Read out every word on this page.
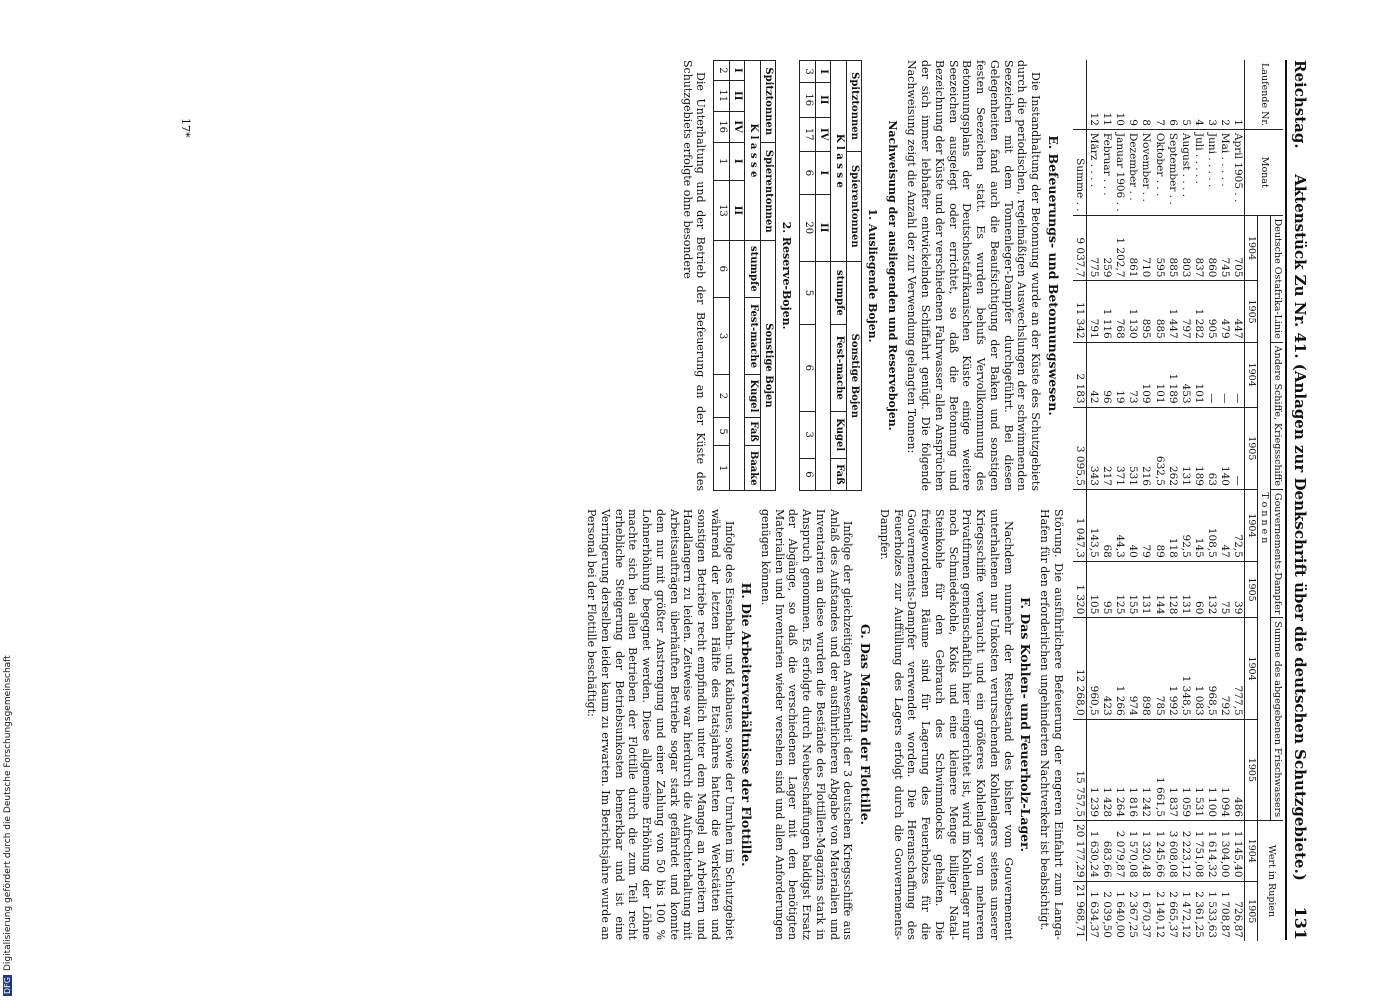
Reichstag.
Aktenstück Zu Nr. 41. (Anlagen zur Denkschrift über die deutschen Schutzgebiete.)
131
Laufende Nr.	Monat	Deutsche Ostafrika-Linie		Andere Schiffe, Kriegsschiffe		Gouvernements-Dampfer		Summe des abgegebenen Frischwassers		Wert in Rupien	
		T o n n e n									
		1904	1905	1904	1905	1904	1905	1904	1905	1904	1905
1	April 1905 . .	705	447	—	—	72,5	39	777,5	486	1 145,40	726,87
2	Mai . . . . .	745	479	—	140	47	75	792	1 094	1 304,00	1 708,87
3	Juni . . . . .	860	905	—	63	108,5	132	968,5	1 100	1 614,32	1 533,63
4	Juli . . . . .	837	1 282	101	189	145	60	1 083	1 531	1 751,08	2 361,25
5	August . . . .	803	797	453	131	92,5	131	1 348,5	1 059	2 223,12	1 472,12
6	September . .	885	1 447	1 189	262	118	128	1 992	1 837	3 608,08	2 665,37
7	Oktober . . .	595	885	101	632,5	89	144	785	1 661,5	1 245,66	2 140,12
8	November . .	710	895	109	216	79	131	898	1 242	1 320,48	1 670,37
9	Dezember . .	861	1 130	73	531	40	155	974	1 816	1 570,08	2 367,25
10	Januar 1906 . .	1 202,7	768	19	371	44,3	125	1 266	1 264	2 079,87	1 640,00
11	Februar . . .	259	1 116	96	217	68	95	423	1 428	683,66	2 039,50
12	März . . . .	775	791	42	343	143,5	105	960,5	1 239	1 630,24	1 634,37
	Summe . .	9 037,7	11 342	2 183	3 095,5	1 047,3	1 320	12 268,0	15 757,5	20 177,29	21 968,71
E. Befeuerungs- und Betonnungswesen.

Die Instandhaltung der Betonnung wurde an der Küste des Schutzgebiets durch die periodischen, regelmäßigen Auswechslungen der schwimmenden Seezeichen mit dem Tonnenleger-Dampfer durchgeführt. Bei diesen Gelegenheiten fand auch die Beaufsichtigung der Baken und sonstigen festen Seezeichen statt. Es wurden behufs Vervollkommnung des Betonnungsplans der Deutschostafrikanischen Küste einige weitere Seezeichen ausgelegt oder errichtet, so daß die Betonnung und Bezeichnung der Küste und der verschiedenen Fahrwasser allen Ansprüchen der sich immer lebhafter entwickelnden Schiffahrt genügt. Die folgende Nachweisung zeigt die Anzahl der zur Verwendung gelangten Tonnen:

Nachweisung der ausliegenden und Reservebojen.
1. Ausliegende Bojen.
Spitztonnen			Spierentonnen		Sonstige Bojen			
K l a s s e					stumpfe	Fest-mache	Kugel	Faß
I	II	IV	I	II				
3	16	17	6	20	5	6	3	6
2. Reserve-Bojen.
Spitztonnen			Spierentonnen		Sonstige Bojen				
K l a s s e					stumpfe	Fest-mache	Kugel	Faß	Baake
I	II	IV	I	II					
2	11	16	1	13	6	3	2	5	1

Die Unterhaltung und der Betrieb der Befeuerung an der Küste des Schutzgebiets erfolgte ohne besondere

Störung. Die ausführlichere Befeuerung der engeren Einfahrt zum Langa-Hafen für den erforderlichen ungehinderten Nachtverkehr ist beabsichtigt.

F. Das Kohlen- und Feuerholz-Lager.

Nachdem nunmehr der Restbestand des bisher vom Gouvernement unterhaltenen nur Unkosten verursachenden Kohlenlagers seitens unserer Kriegsschiffe verbraucht und ein größeres Kohlenlager von mehreren Privatfirmen gemeinschaftlich hier eingerichtet ist, wird im Kohlenlager nur noch Schmiedekohle, Koks und eine kleinere Menge billiger Natal-Steinkohle für den Gebrauch des Schwimmdocks gehalten. Die freigewordenen Räume sind für Lagerung des Feuerholzes für die Gouvernements-Dampfer verwendet worden. Die Heranschaffung des Feuerholzes zur Auffüllung des Lagers erfolgt durch die Gouvernements-Dampfer.

G. Das Magazin der Flottille.

Infolge der gleichzeitigen Anwesenheit der 3 deutschen Kriegsschiffe aus Anlaß des Aufstandes und der ausführlicheren Abgabe von Materialien und Inventarien an diese wurden die Bestände des Flottillen-Magazins stark in Anspruch genommen. Es erfolgte durch Neubeschaffungen baldigst Ersatz der Abgänge, so daß die verschiedenen Lager mit den benötigten Materialien und Inventarien wieder versehen sind und allen Anforderungen genügen können.

H. Die Arbeiterverhältnisse der Flottille.

Infolge des Eisenbahn- und Kaibaues, sowie der Unruhen im Schutzgebiet während der letzten Hälfte des Etatsjahres hatten die Werkstätten und sonstigen Betriebe recht empfindlich unter dem Mangel an Arbeitern und Handlangern zu leiden. Zeitweise war hierdurch die Aufrechterhaltung mit Arbeitsaufträgen überhäuften Betriebe sogar stark gefährdet und konnte dem nur mit größter Anstrengung und einer Zahlung von 50 bis 100 % Lohnerhöhung begegnet werden. Diese allgemeine Erhöhung der Löhne machte sich bei allen Betrieben der Flottille durch die zum Teil recht erhebliche Steigerung der Betriebsunkosten bemerkbar und ist eine Verringerung derselben leider kaum zu erwarten. Im Berichtsjahre wurde an Personal bei der Flottille beschäftigt:

17*
DFGDigitalisierung gefördert durch die Deutsche Forschungsgemeinschaft
